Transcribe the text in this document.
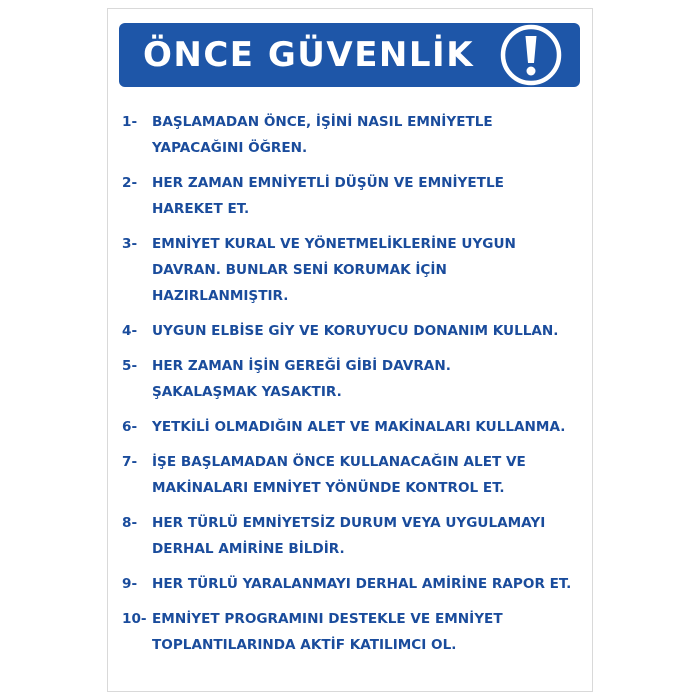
ÖNCE GÜVENLİK
1-	BAŞLAMADAN ÖNCE, İŞİNİ NASIL EMNİYETLE
YAPACAĞINI ÖĞREN.
2-	HER ZAMAN EMNİYETLİ DÜŞÜN VE EMNİYETLE
HAREKET ET.
3-	EMNİYET KURAL VE YÖNETMELİKLERİNE UYGUN
DAVRAN. BUNLAR SENİ KORUMAK İÇİN
HAZIRLANMIŞTIR.
4-	UYGUN ELBİSE GİY VE KORUYUCU DONANIM KULLAN.
5-	HER ZAMAN İŞİN GEREĞİ GİBİ DAVRAN.
ŞAKALAŞMAK YASAKTIR.
6-	YETKİLİ OLMADIĞIN ALET VE MAKİNALARI KULLANMA.
7-	İŞE BAŞLAMADAN ÖNCE KULLANACAĞIN ALET VE
MAKİNALARI EMNİYET YÖNÜNDE KONTROL ET.
8-	HER TÜRLÜ EMNİYETSİZ DURUM VEYA UYGULAMAYI
DERHAL AMİRİNE BİLDİR.
9-	HER TÜRLÜ YARALANMAYI DERHAL AMİRİNE RAPOR ET.
10- EMNİYET PROGRAMINI DESTEKLE VE EMNİYET
TOPLANTILARINDA AKTİF KATILIMCI OL.
